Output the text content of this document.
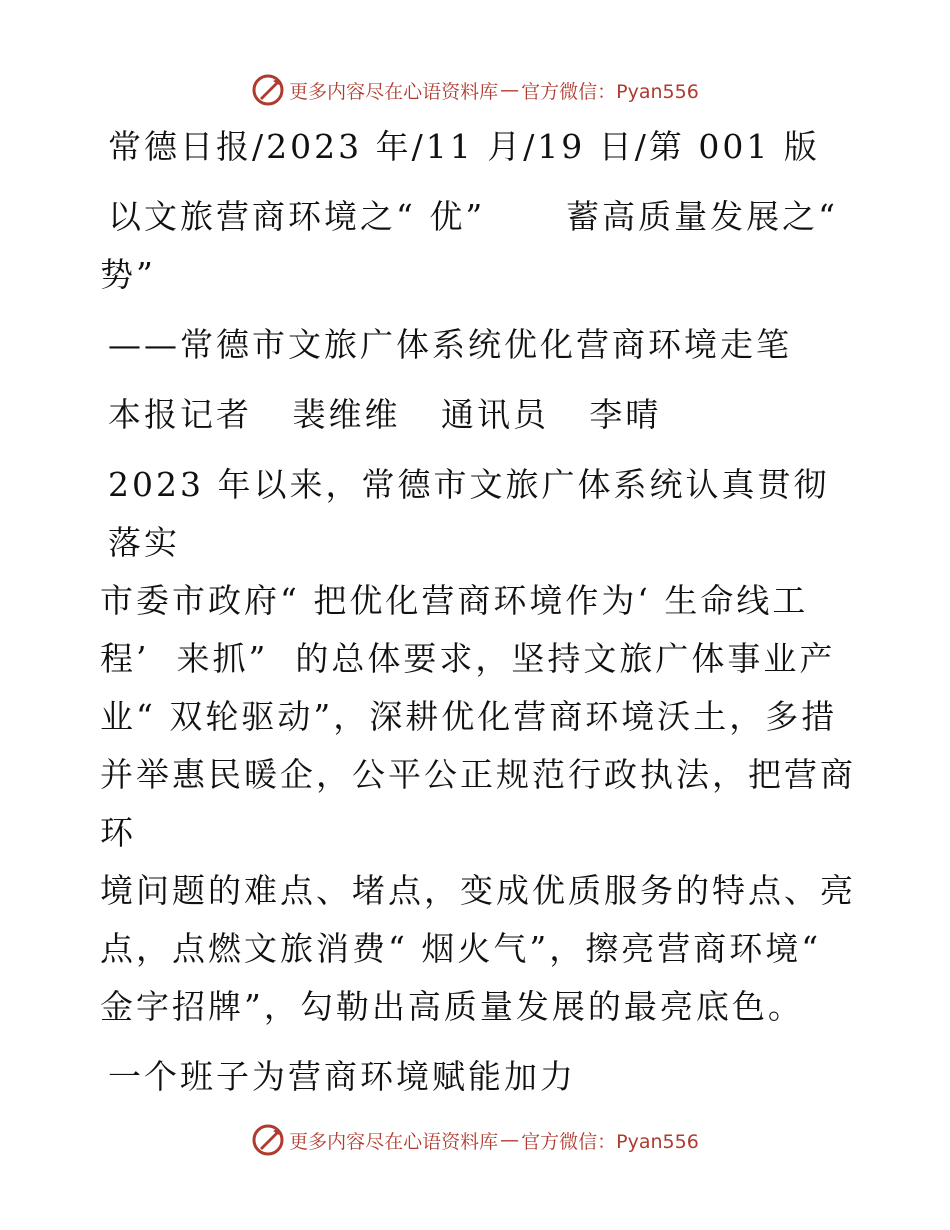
更多内容尽在心语资料库 — 官方微信：Pyan556

常德日报/2023 年/11 月/19 日/第 001 版

以文旅营商环境之“ 优”      蓄高质量发展之“

势”

——常德市文旅广体系统优化营商环境走笔

本报记者   裴维维   通讯员   李晴

2023 年以来，常德市文旅广体系统认真贯彻落实

市委市政府“ 把优化营商环境作为‘ 生命线工

程’  来抓”  的总体要求，坚持文旅广体事业产

业“ 双轮驱动”，深耕优化营商环境沃土，多措

并举惠民暖企，公平公正规范行政执法，把营商环

境问题的难点、堵点，变成优质服务的特点、亮

点，点燃文旅消费“ 烟火气”，擦亮营商环境“

金字招牌”，勾勒出高质量发展的最亮底色。

一个班子为营商环境赋能加力

更多内容尽在心语资料库 — 官方微信：Pyan556
